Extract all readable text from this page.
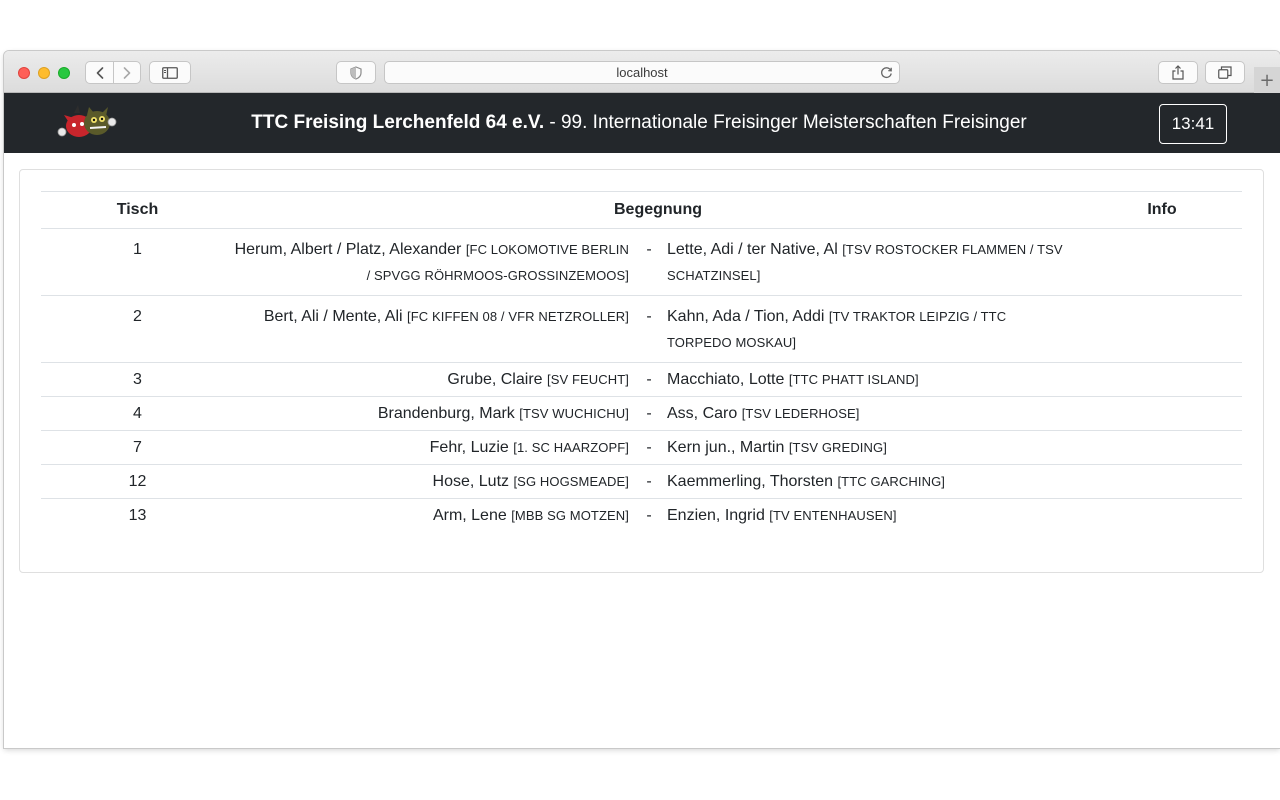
localhost	+
TTC Freising Lerchenfeld 64 e.V. - 99. Internationale Freisinger Meisterschaften Freisinger	13:41
Tisch	Begegnung			Info
1	Herum, Albert / Platz, Alexander [FC LOKOMOTIVE BERLIN / SPVGG RÖHRMOOS-GROSSINZEMOOS]	-	Lette, Adi / ter Native, Al [TSV ROSTOCKER FLAMMEN / TSV SCHATZINSEL]	
2	Bert, Ali / Mente, Ali [FC KIFFEN 08 / VFR NETZROLLER]	-	Kahn, Ada / Tion, Addi [TV TRAKTOR LEIPZIG / TTC TORPEDO MOSKAU]	
3	Grube, Claire [SV FEUCHT]	-	Macchiato, Lotte [TTC PHATT ISLAND]	
4	Brandenburg, Mark [TSV WUCHICHU]	-	Ass, Caro [TSV LEDERHOSE]	
7	Fehr, Luzie [1. SC HAARZOPF]	-	Kern jun., Martin [TSV GREDING]	
12	Hose, Lutz [SG HOGSMEADE]	-	Kaemmerling, Thorsten [TTC GARCHING]	
13	Arm, Lene [MBB SG MOTZEN]	-	Enzien, Ingrid [TV ENTENHAUSEN]	
